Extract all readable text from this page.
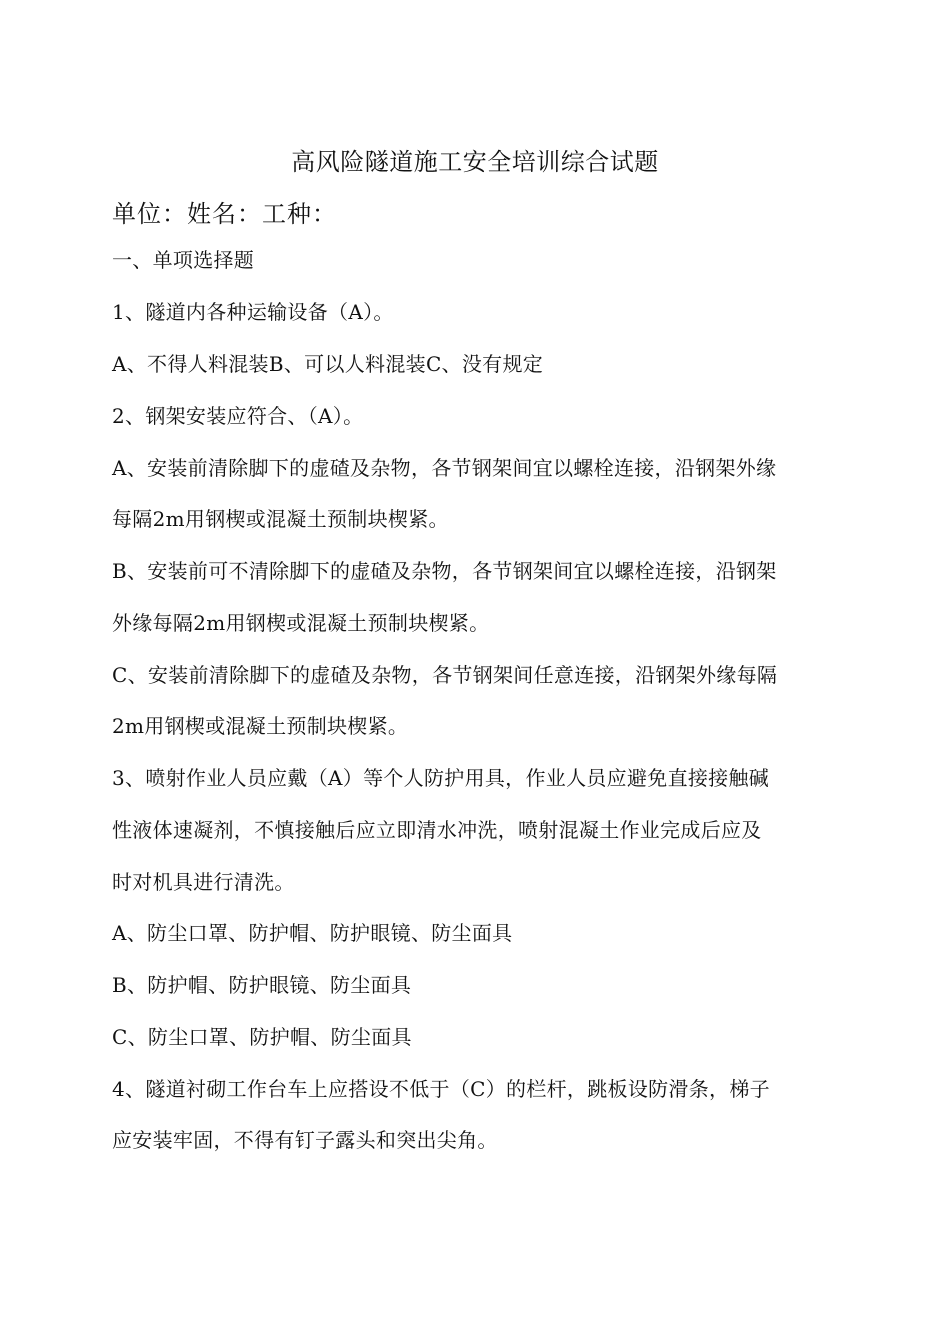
高风险隧道施工安全培训综合试题
单位：姓名：工种：
一、单项选择题
1、隧道内各种运输设备（A）。
A、不得人料混装B、可以人料混装C、没有规定
2、钢架安装应符合、（A）。
A、安装前清除脚下的虚碴及杂物，各节钢架间宜以螺栓连接，沿钢架外缘
每隔2m用钢楔或混凝土预制块楔紧。
B、安装前可不清除脚下的虚碴及杂物，各节钢架间宜以螺栓连接，沿钢架
外缘每隔2m用钢楔或混凝土预制块楔紧。
C、安装前清除脚下的虚碴及杂物，各节钢架间任意连接，沿钢架外缘每隔
2m用钢楔或混凝土预制块楔紧。
3、喷射作业人员应戴（A）等个人防护用具，作业人员应避免直接接触碱
性液体速凝剂，不慎接触后应立即清水冲洗，喷射混凝土作业完成后应及
时对机具进行清洗。
A、防尘口罩、防护帽、防护眼镜、防尘面具
B、防护帽、防护眼镜、防尘面具
C、防尘口罩、防护帽、防尘面具
4、隧道衬砌工作台车上应搭设不低于（C）的栏杆，跳板设防滑条，梯子
应安装牢固，不得有钉子露头和突出尖角。
